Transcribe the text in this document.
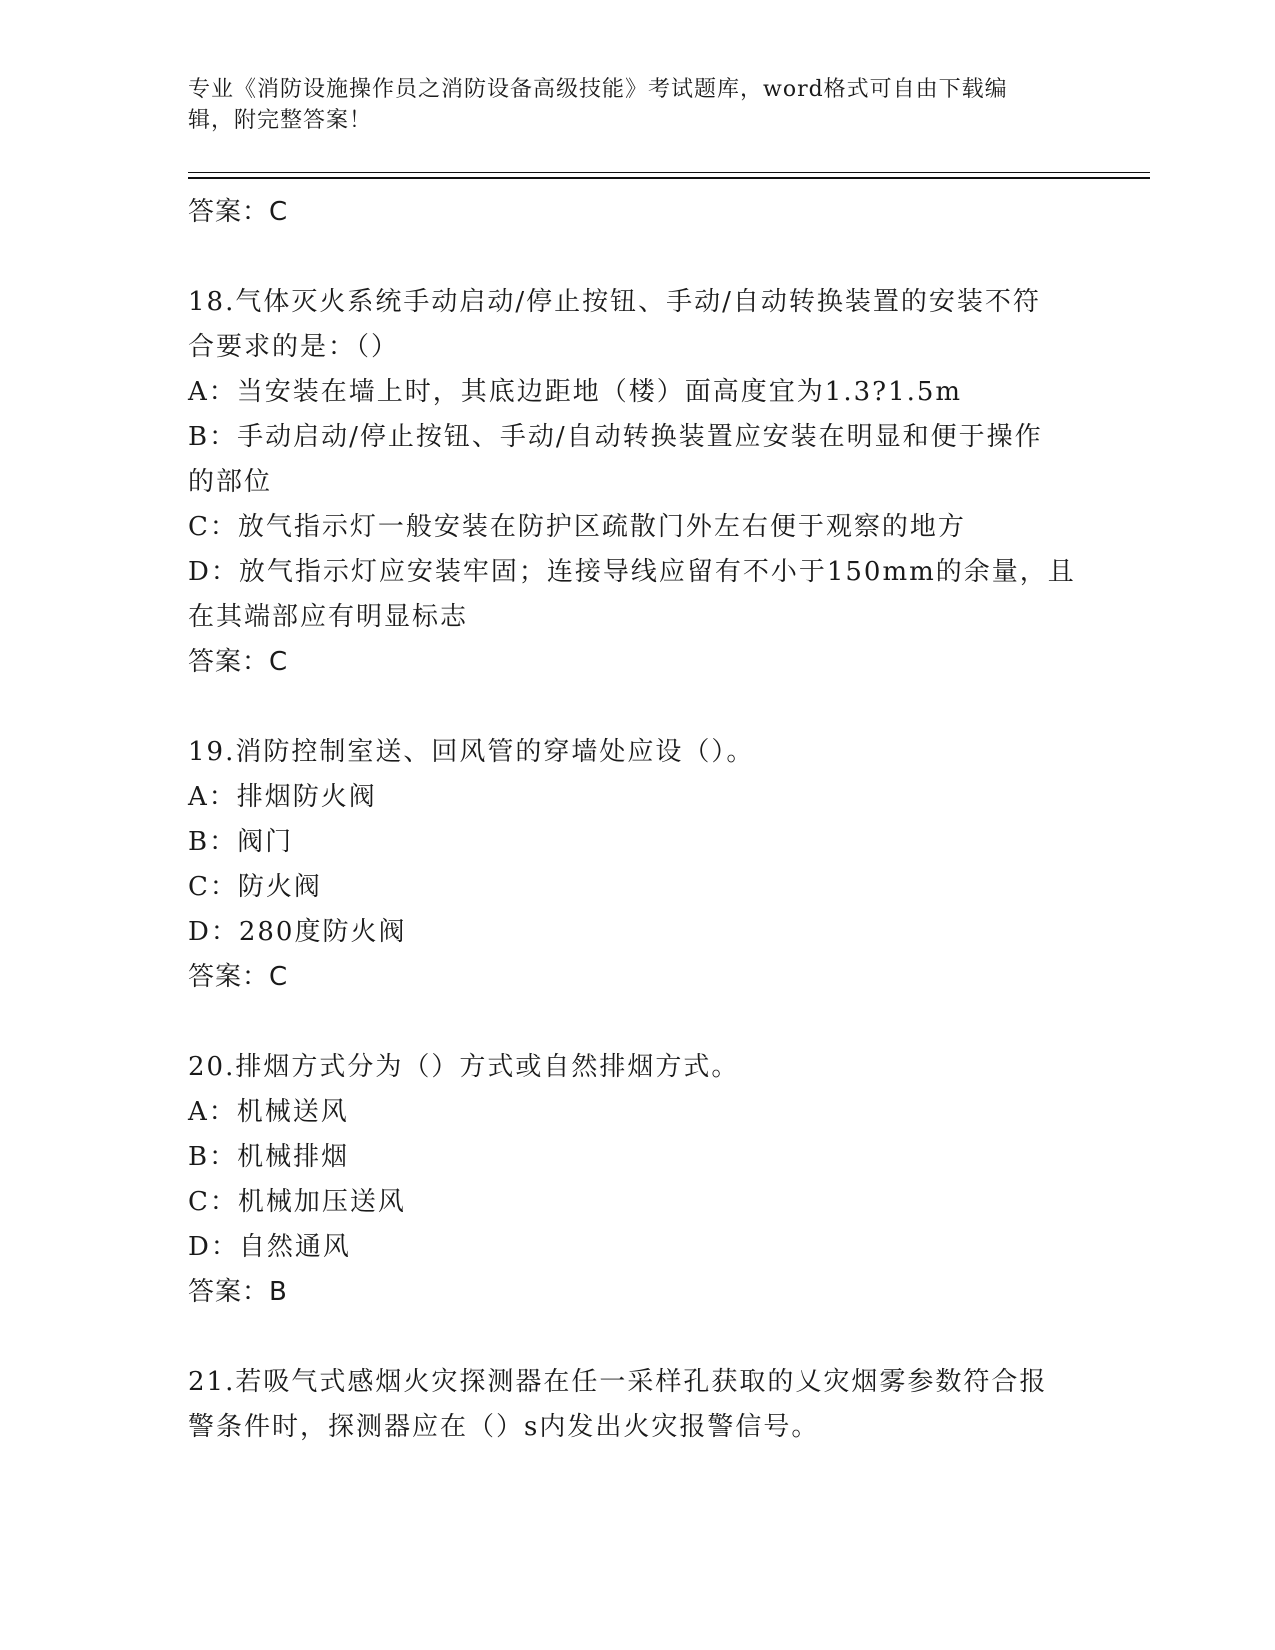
专业《消防设施操作员之消防设备高级技能》考试题库，word格式可自由下载编
辑，附完整答案！
答案：C
18.气体灭火系统手动启动/停止按钮、手动/自动转换装置的安装不符
合要求的是：（）
A：当安装在墙上时，其底边距地（楼）面高度宜为1.3?1.5m
B：手动启动/停止按钮、手动/自动转换装置应安装在明显和便于操作
的部位
C：放气指示灯一般安装在防护区疏散门外左右便于观察的地方
D：放气指示灯应安装牢固；连接导线应留有不小于150mm的余量，且
在其端部应有明显标志
答案：C
19.消防控制室送、回风管的穿墙处应设（）。
A：排烟防火阀
B：阀门
C：防火阀
D：280度防火阀
答案：C
20.排烟方式分为（）方式或自然排烟方式。
A：机械送风
B：机械排烟
C：机械加压送风
D：自然通风
答案：B
21.若吸气式感烟火灾探测器在任一采样孔获取的乂灾烟雾参数符合报
警条件时，探测器应在（）s内发出火灾报警信号。
